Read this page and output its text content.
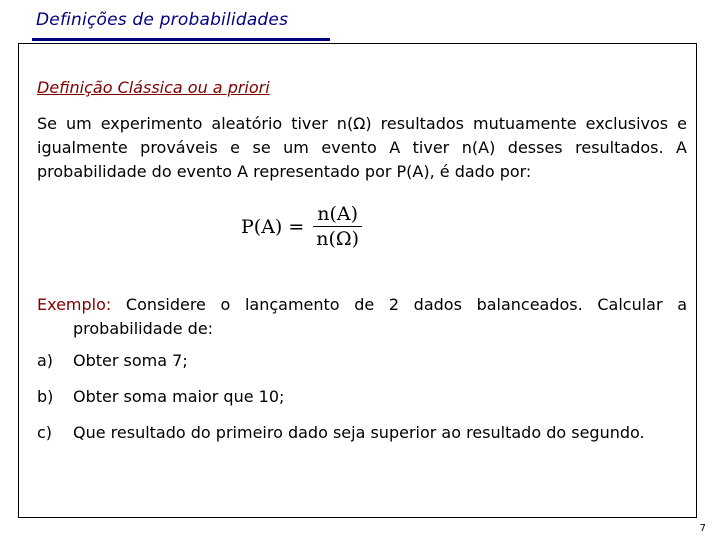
Definições de probabilidades
Definição Clássica ou a priori
Se um experimento aleatório tiver n(Ω) resultados mutuamente exclusivos e igualmente prováveis e se um evento A tiver n(A) desses resultados. A probabilidade do evento A representado por P(A), é dado por:
$P(A) = \frac{n(A)}{n(\Omega)}$
Exemplo: Considere o lançamento de 2 dados balanceados. Calcular a probabilidade de:
a)	Obter soma 7;
b)	Obter soma maior que 10;
c)	Que resultado do primeiro dado seja superior ao resultado do segundo.
7
